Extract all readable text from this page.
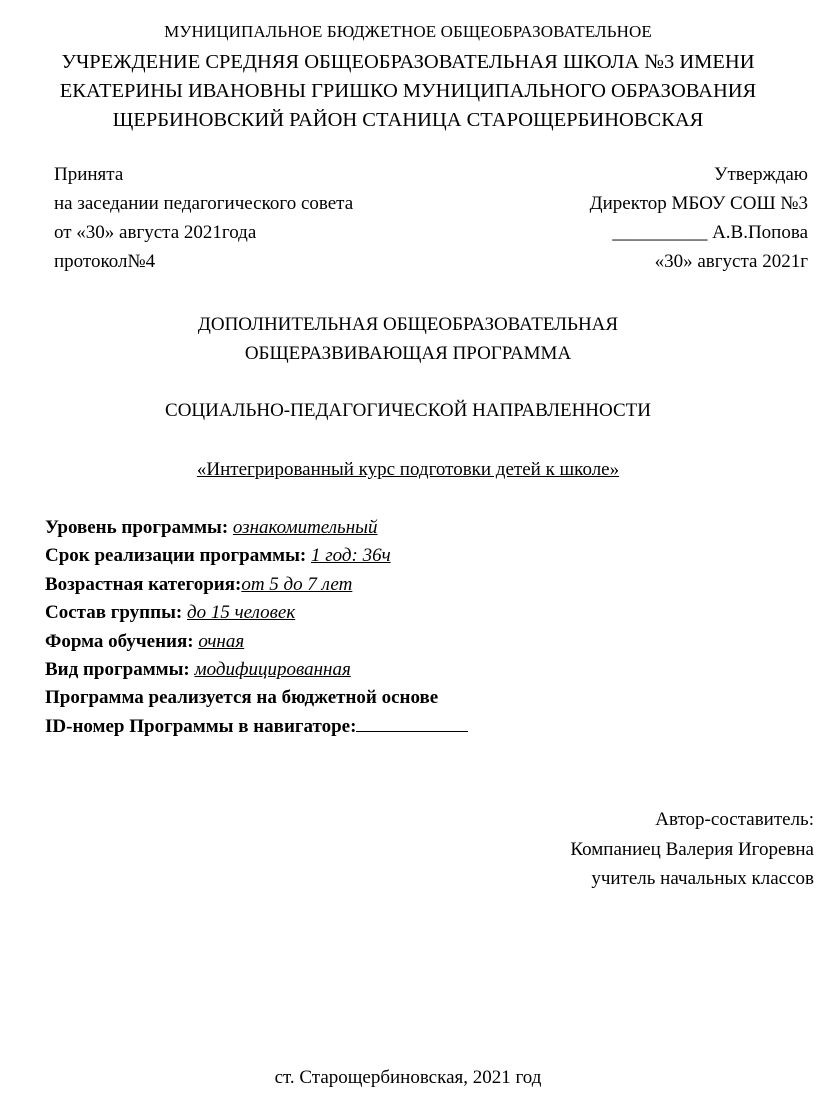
МУНИЦИПАЛЬНОЕ БЮДЖЕТНОЕ ОБЩЕОБРАЗОВАТЕЛЬНОЕ
УЧРЕЖДЕНИЕ СРЕДНЯЯ ОБЩЕОБРАЗОВАТЕЛЬНАЯ ШКОЛА №3 ИМЕНИ
ЕКАТЕРИНЫ ИВАНОВНЫ ГРИШКО МУНИЦИПАЛЬНОГО ОБРАЗОВАНИЯ
ЩЕРБИНОВСКИЙ РАЙОН СТАНИЦА СТАРОЩЕРБИНОВСКАЯ
Принята
на заседании педагогического совета
от «30» августа 2021года
протокол№4
Утверждаю
Директор МБОУ СОШ №3
__________ А.В.Попова
«30» августа 2021г
ДОПОЛНИТЕЛЬНАЯ ОБЩЕОБРАЗОВАТЕЛЬНАЯ
ОБЩЕРАЗВИВАЮЩАЯ ПРОГРАММА
СОЦИАЛЬНО-ПЕДАГОГИЧЕСКОЙ НАПРАВЛЕННОСТИ
«Интегрированный курс подготовки детей к школе»
Уровень программы: ознакомительный
Срок реализации программы: 1 год: 36ч
Возрастная категория:от 5 до 7 лет
Состав группы: до 15 человек
Форма обучения: очная
Вид программы: модифицированная
Программа реализуется на бюджетной основе
ID-номер Программы в навигаторе:
Автор-составитель:
Компаниец Валерия Игоревна
учитель начальных классов
ст. Старощербиновская, 2021 год
